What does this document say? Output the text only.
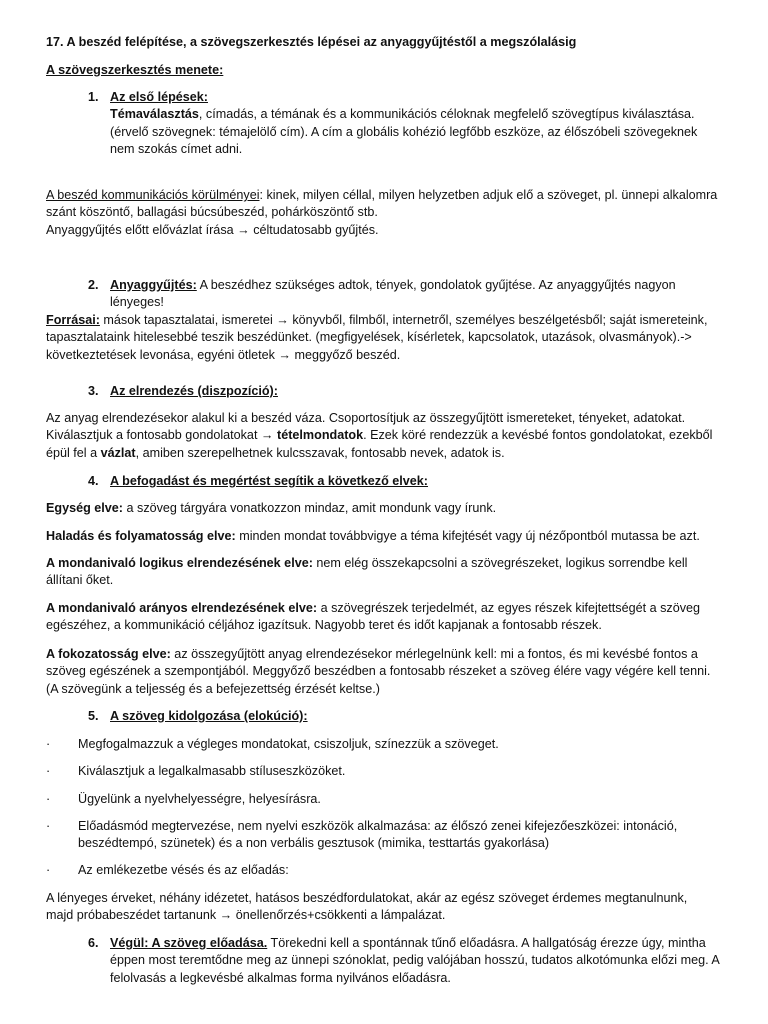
17. A beszéd felépítése, a szövegszerkesztés lépései az anyaggyűjtéstől a megszólalásig

A szövegszerkesztés menete:

1. Az első lépések:
Témaválasztás, címadás, a témának és a kommunikációs céloknak megfelelő szövegtípus kiválasztása. (érvelő szövegnek: témajelölő cím). A cím a globális kohézió legfőbb eszköze, az élőszóbeli szövegeknek nem szokás címet adni.

A beszéd kommunikációs körülményei: kinek, milyen céllal, milyen helyzetben adjuk elő a szöveget, pl. ünnepi alkalomra szánt köszöntő, ballagási búcsúbeszéd, pohárköszöntő stb.
Anyaggyűjtés előtt elővázlat írása → céltudatosabb gyűjtés.

2. Anyaggyűjtés: A beszédhez szükséges adtok, tények, gondolatok gyűjtése. Az anyaggyűjtés nagyon lényeges!

Forrásai: mások tapasztalatai, ismeretei → könyvből, filmből, internetről, személyes beszélgetésből; saját ismereteink, tapasztalataink hitelesebbé teszik beszédünket. (megfigyelések, kísérletek, kapcsolatok, utazások, olvasmányok).-> következtetések levonása, egyéni ötletek → meggyőző beszéd.

3. Az elrendezés (diszpozíció):

Az anyag elrendezésekor alakul ki a beszéd váza. Csoportosítjuk az összegyűjtött ismereteket, tényeket, adatokat. Kiválasztjuk a fontosabb gondolatokat → tételmondatok. Ezek köré rendezzük a kevésbé fontos gondolatokat, ezekből épül fel a vázlat, amiben szerepelhetnek kulcsszavak, fontosabb nevek, adatok is.

4. A befogadást és megértést segítik a következő elvek:

Egység elve: a szöveg tárgyára vonatkozzon mindaz, amit mondunk vagy írunk.

Haladás és folyamatosság elve: minden mondat továbbvigye a téma kifejtését vagy új nézőpontból mutassa be azt.

A mondanivaló logikus elrendezésének elve: nem elég összekapcsolni a szövegrészeket, logikus sorrendbe kell állítani őket.

A mondanivaló arányos elrendezésének elve: a szövegrészek terjedelmét, az egyes részek kifejtettségét a szöveg egészéhez, a kommunikáció céljához igazítsuk. Nagyobb teret és időt kapjanak a fontosabb részek.

A fokozatosság elve: az összegyűjtött anyag elrendezésekor mérlegelnünk kell: mi a fontos, és mi kevésbé fontos a szöveg egészének a szempontjából. Meggyőző beszédben a fontosabb részeket a szöveg élére vagy végére kell tenni. (A szövegünk a teljesség és a befejezettség érzését keltse.)

5. A szöveg kidolgozása (elokúció):

· Megfogalmazzuk a végleges mondatokat, csiszoljuk, színezzük a szöveget.
· Kiválasztjuk a legalkalmasabb stíluseszközöket.
· Ügyelünk a nyelvhelyességre, helyesírásra.
· Előadásmód megtervezése, nem nyelvi eszközök alkalmazása: az élőszó zenei kifejezőeszközei: intonáció, beszédtempó, szünetek) és a non verbális gesztusok (mimika, testtartás gyakorlása)
· Az emlékezetbe vésés és az előadás:

A lényeges érveket, néhány idézetet, hatásos beszédfordulatokat, akár az egész szöveget érdemes megtanulnunk, majd próbabeszédet tartanunk → önellenőrzés+csökkenti a lámpalázat.

6. Végül: A szöveg előadása. Törekedni kell a spontánnak tűnő előadásra. A hallgatóság érezze úgy, mintha éppen most teremtődne meg az ünnepi szónoklat, pedig valójában hosszú, tudatos alkotómunka előzi meg. A felolvasás a legkevésbé alkalmas forma nyilvános előadásra.
